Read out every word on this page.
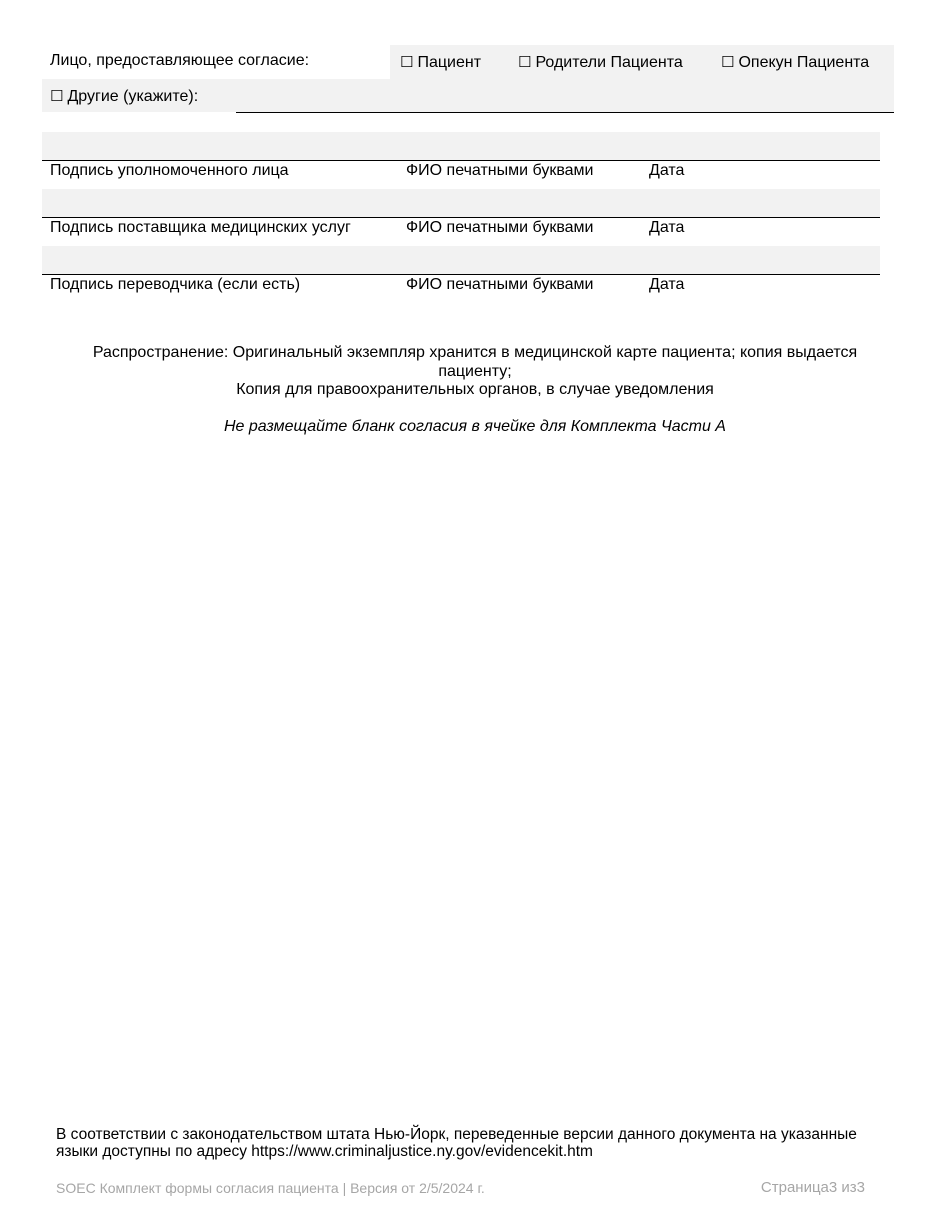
Лицо, предоставляющее согласие:	☐ Пациент ☐ Родители Пациента	☐ Опекун Пациента
☐ Другие (укажите):
Подпись уполномоченного лица	ФИО печатными буквами	Дата
Подпись поставщика медицинских услуг	ФИО печатными буквами	Дата
Подпись переводчика (если есть)	ФИО печатными буквами	Дата
Распространение: Оригинальный экземпляр хранится в медицинской карте пациента; копия выдается
пациенту;
Копия для правоохранительных органов, в случае уведомления
Не размещайте бланк согласия в ячейке для Комплекта Части A
В соответствии с законодательством штата Нью-Йорк, переведенные версии данного документа на указанные
языки доступны по адресу https://www.criminaljustice.ny.gov/evidencekit.htm
SOEC Комплект формы согласия пациента | Версия от 2/5/2024 г.	Страница3 из3
